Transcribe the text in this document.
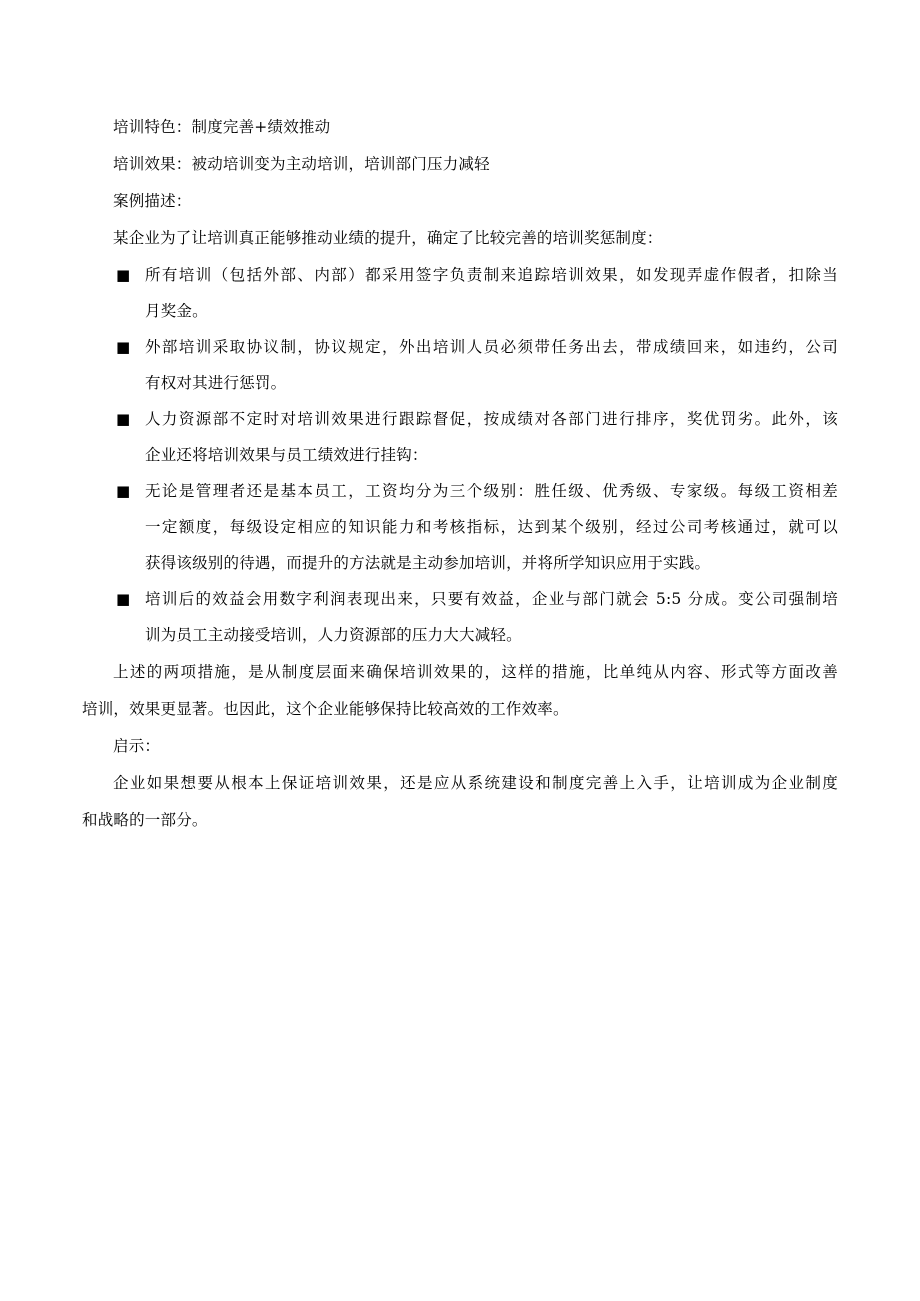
培训特色：制度完善+绩效推动
培训效果：被动培训变为主动培训，培训部门压力减轻
案例描述：
某企业为了让培训真正能够推动业绩的提升，确定了比较完善的培训奖惩制度：
■ 所有培训（包括外部、内部）都采用签字负责制来追踪培训效果，如发现弄虚作假者，扣除当
月奖金。
■ 外部培训采取协议制，协议规定，外出培训人员必须带任务出去，带成绩回来，如违约，公司
有权对其进行惩罚。
■ 人力资源部不定时对培训效果进行跟踪督促，按成绩对各部门进行排序，奖优罚劣。此外，该
企业还将培训效果与员工绩效进行挂钩：
■ 无论是管理者还是基本员工，工资均分为三个级别：胜任级、优秀级、专家级。每级工资相差
一定额度，每级设定相应的知识能力和考核指标，达到某个级别，经过公司考核通过，就可以
获得该级别的待遇，而提升的方法就是主动参加培训，并将所学知识应用于实践。
■ 培训后的效益会用数字利润表现出来，只要有效益，企业与部门就会 5:5 分成。变公司强制培
训为员工主动接受培训，人力资源部的压力大大减轻。
上述的两项措施，是从制度层面来确保培训效果的，这样的措施，比单纯从内容、形式等方面改善
培训，效果更显著。也因此，这个企业能够保持比较高效的工作效率。
启示：
企业如果想要从根本上保证培训效果，还是应从系统建设和制度完善上入手，让培训成为企业制度
和战略的一部分。
